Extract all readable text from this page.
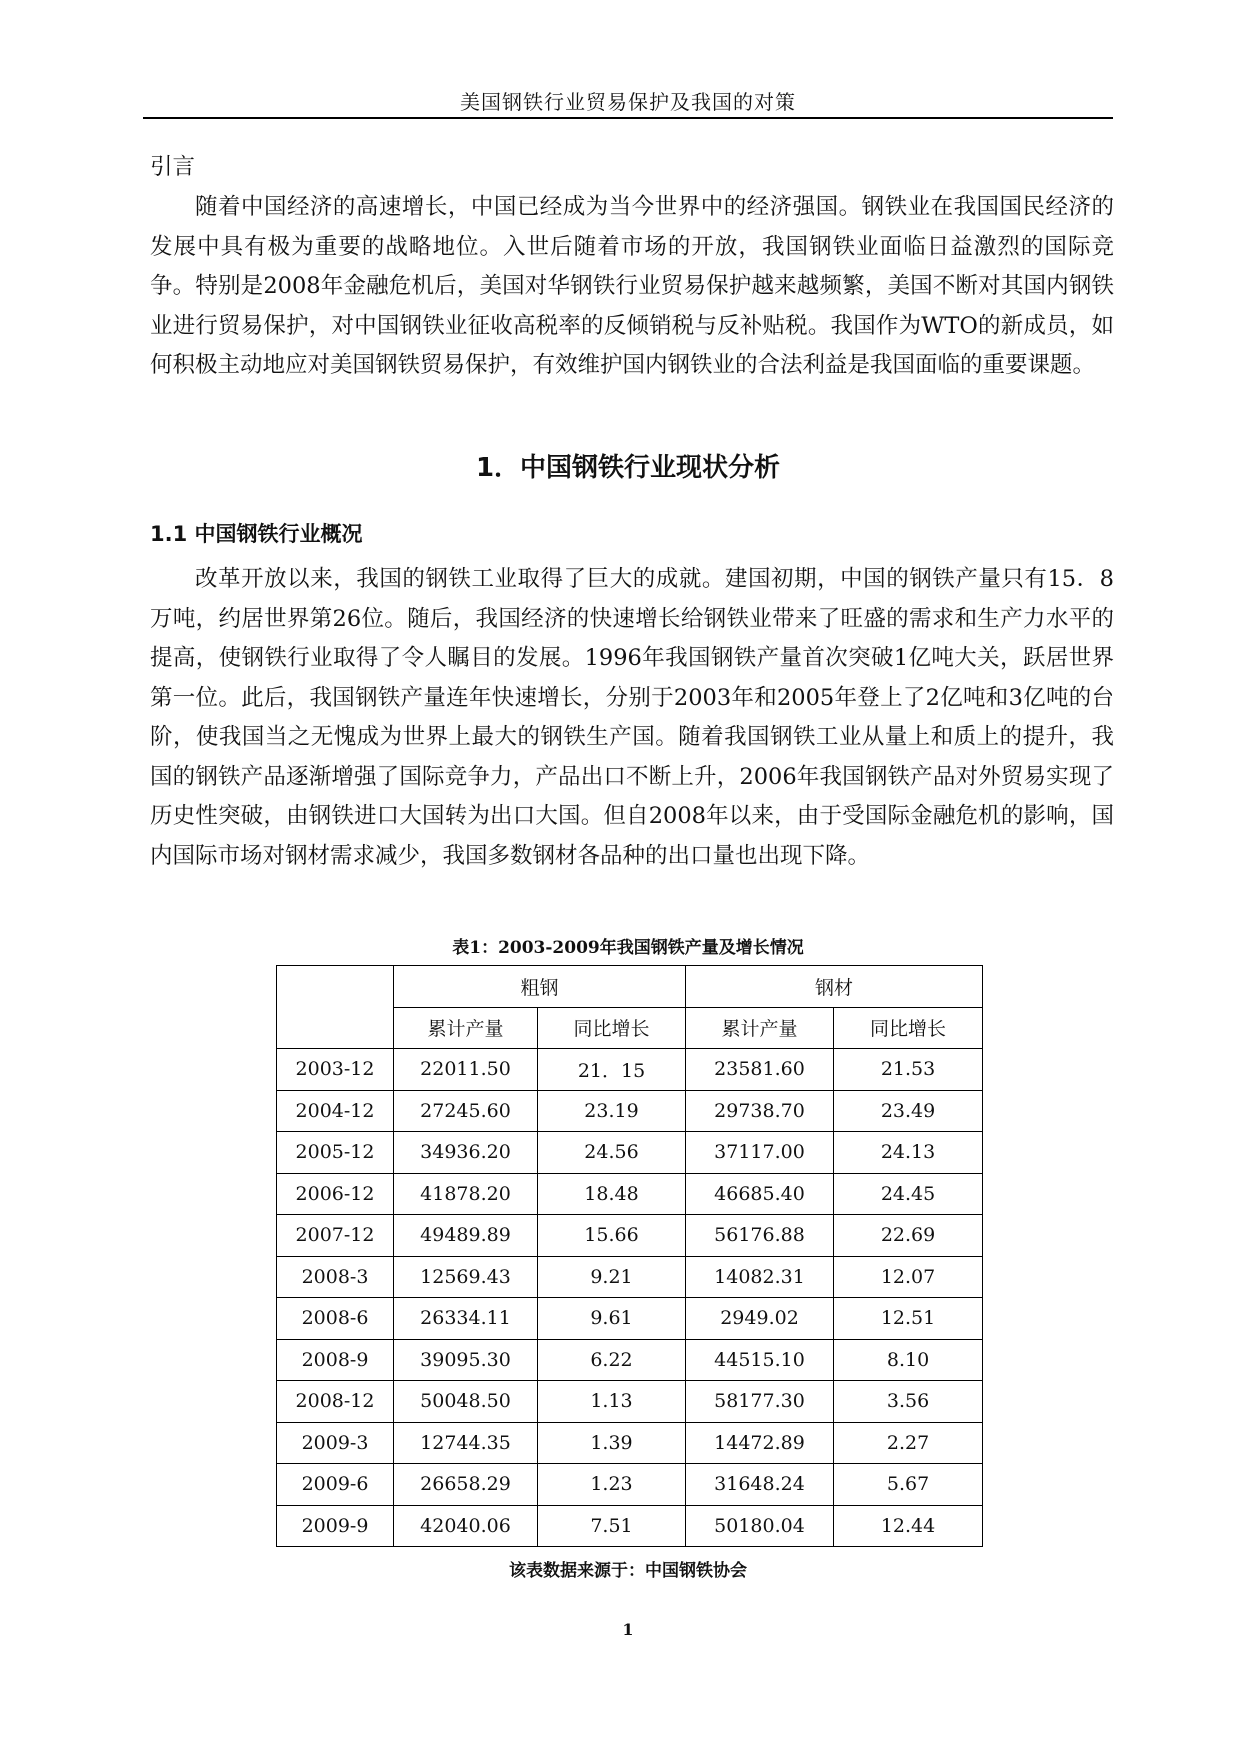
美国钢铁行业贸易保护及我国的对策
引言

随着中国经济的高速增长，中国已经成为当今世界中的经济强国。钢铁业在我国国民经济的发展中具有极为重要的战略地位。入世后随着市场的开放，我国钢铁业面临日益激烈的国际竞争。特别是2008年金融危机后，美国对华钢铁行业贸易保护越来越频繁，美国不断对其国内钢铁业进行贸易保护，对中国钢铁业征收高税率的反倾销税与反补贴税。我国作为WTO的新成员，如何积极主动地应对美国钢铁贸易保护，有效维护国内钢铁业的合法利益是我国面临的重要课题。

1．中国钢铁行业现状分析
1.1 中国钢铁行业概况

改革开放以来，我国的钢铁工业取得了巨大的成就。建国初期，中国的钢铁产量只有15．8万吨，约居世界第26位。随后，我国经济的快速增长给钢铁业带来了旺盛的需求和生产力水平的提高，使钢铁行业取得了令人瞩目的发展。1996年我国钢铁产量首次突破1亿吨大关，跃居世界第一位。此后，我国钢铁产量连年快速增长，分别于2003年和2005年登上了2亿吨和3亿吨的台阶，使我国当之无愧成为世界上最大的钢铁生产国。随着我国钢铁工业从量上和质上的提升，我国的钢铁产品逐渐增强了国际竞争力，产品出口不断上升，2006年我国钢铁产品对外贸易实现了历史性突破，由钢铁进口大国转为出口大国。但自2008年以来，由于受国际金融危机的影响，国内国际市场对钢材需求减少，我国多数钢材各品种的出口量也出现下降。

表1：2003-2009年我国钢铁产量及增长情况
	粗钢		钢材	
	累计产量	同比增长	累计产量	同比增长
2003-12	22011.50	21．15	23581.60	21.53
2004-12	27245.60	23.19	29738.70	23.49
2005-12	34936.20	24.56	37117.00	24.13
2006-12	41878.20	18.48	46685.40	24.45
2007-12	49489.89	15.66	56176.88	22.69
2008-3	12569.43	9.21	14082.31	12.07
2008-6	26334.11	9.61	2949.02	12.51
2008-9	39095.30	6.22	44515.10	8.10
2008-12	50048.50	1.13	58177.30	3.56
2009-3	12744.35	1.39	14472.89	2.27
2009-6	26658.29	1.23	31648.24	5.67
2009-9	42040.06	7.51	50180.04	12.44
该表数据来源于：中国钢铁协会
1
